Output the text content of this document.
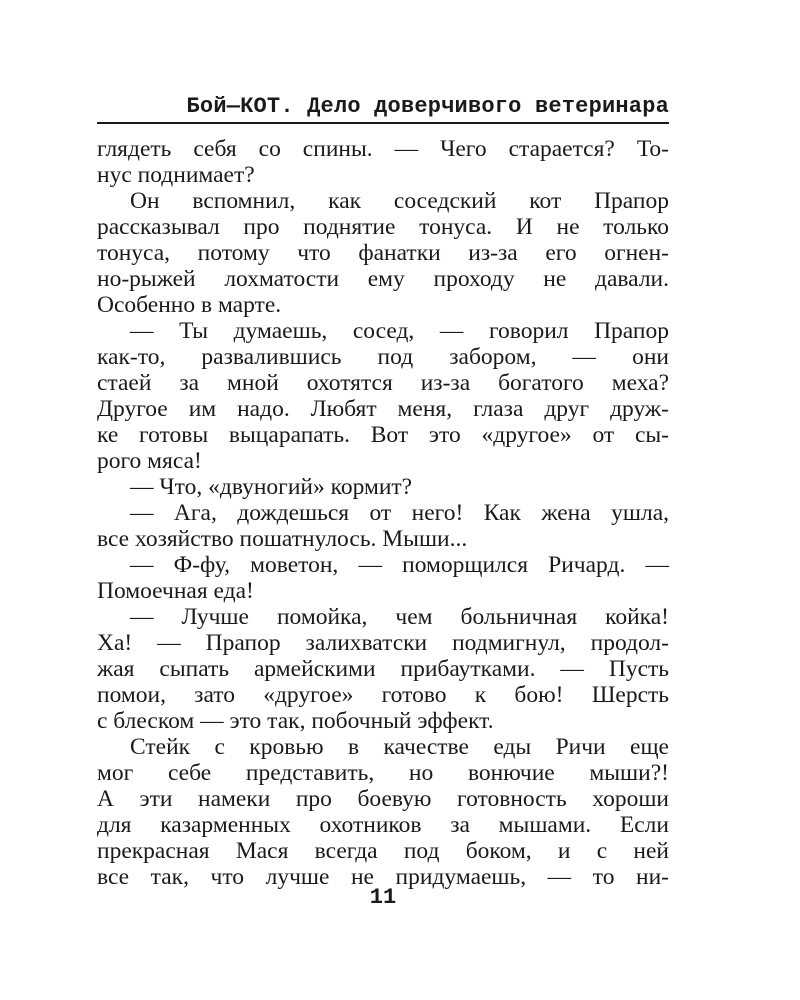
Бой—КОТ. Дело доверчивого ветеринара
глядеть себя со спины. — Чего старается? То-
нус поднимает?
Он вспомнил, как соседский кот Прапор
рассказывал про поднятие тонуса. И не только
тонуса, потому что фанатки из-за его огнен-
но-рыжей лохматости ему проходу не давали.
Особенно в марте.
— Ты думаешь, сосед, — говорил Прапор
как-то, развалившись под забором, — они
стаей за мной охотятся из-за богатого меха?
Другое им надо. Любят меня, глаза друг друж-
ке готовы выцарапать. Вот это «другое» от сы-
рого мяса!
— Что, «двуногий» кормит?
— Ага, дождешься от него! Как жена ушла,
все хозяйство пошатнулось. Мыши...
— Ф-фу, моветон, — поморщился Ричард. —
Помоечная еда!
— Лучше помойка, чем больничная койка!
Ха! — Прапор залихватски подмигнул, продол-
жая сыпать армейскими прибаутками. — Пусть
помои, зато «другое» готово к бою! Шерсть
с блеском — это так, побочный эффект.
Стейк с кровью в качестве еды Ричи еще
мог себе представить, но вонючие мыши?!
А эти намеки про боевую готовность хороши
для казарменных охотников за мышами. Если
прекрасная Мася всегда под боком, и с ней
все так, что лучше не придумаешь, — то ни-
11
